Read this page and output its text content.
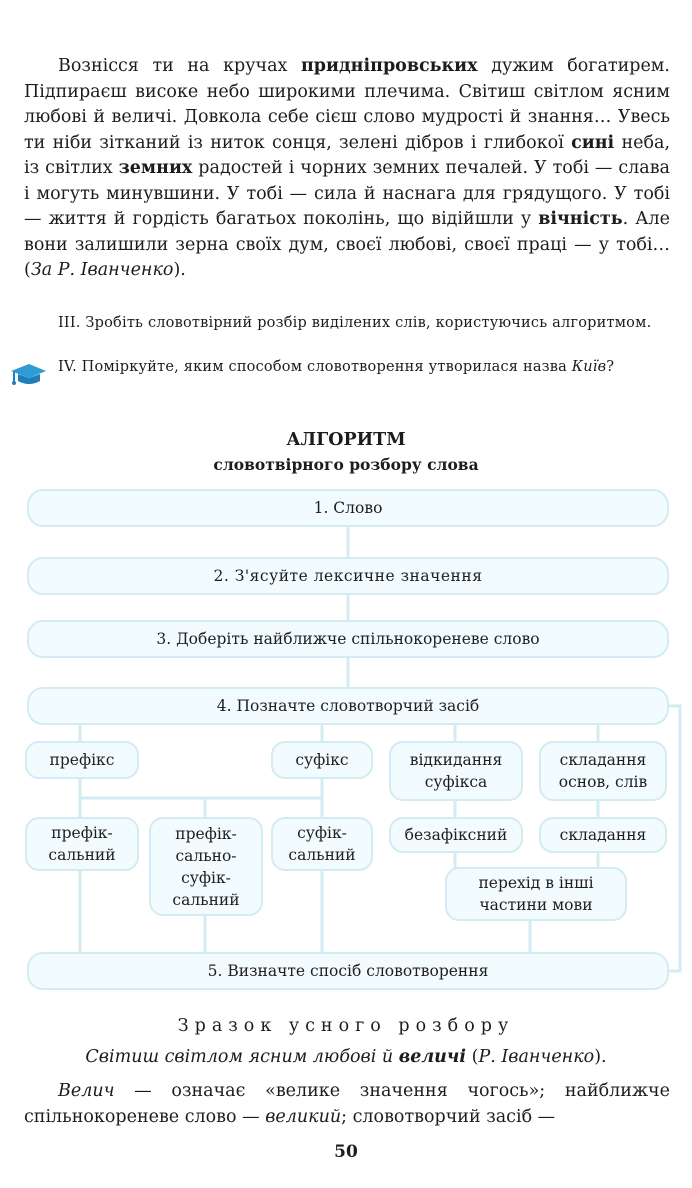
Вознісся ти на кручах придніпровських дужим богатирем. Підпираєш високе небо широкими плечима. Світиш світлом ясним любові й величі. Довкола себе сієш слово мудрості й знання… Увесь ти ніби зітканий із ниток сонця, зелені дібров і глибокої сині неба, із світлих земних радостей і чорних земних печалей. У тобі — слава і могуть минувшини. У тобі — сила й наснага для грядущого. У тобі — життя й гордість багатьох поколінь, що відійшли у вічність. Але вони залишили зерна своїх дум, своєї любові, своєї праці — у тобі… (За Р. Іванченко).

ІІІ. Зробіть словотвірний розбір виділених слів, користуючись алгоритмом.

IV. Поміркуйте, яким способом словотворення утворилася назва Київ?

АЛГОРИТМ

словотвірного розбору слова

1. Слово
2. З'ясуйте лексичне значення
3. Доберіть найближче спільнокореневе слово
4. Позначте словотворчий засіб
префікс	суфікс	відкидання суфікса
складання основ, слів
префік-
сальний
префік-
сально-
суфік-
сальний
суфік-
сальний
безафіксний	складання
перехід в інші частини мови
5. Визначте спосіб словотворення

Зразок усного розбору

Світиш світлом ясним любові й величі (Р. Іванченко).

Велич — означає «велике значення чогось»; найближче спільнокореневе слово — великий; словотворчий засіб —

50
